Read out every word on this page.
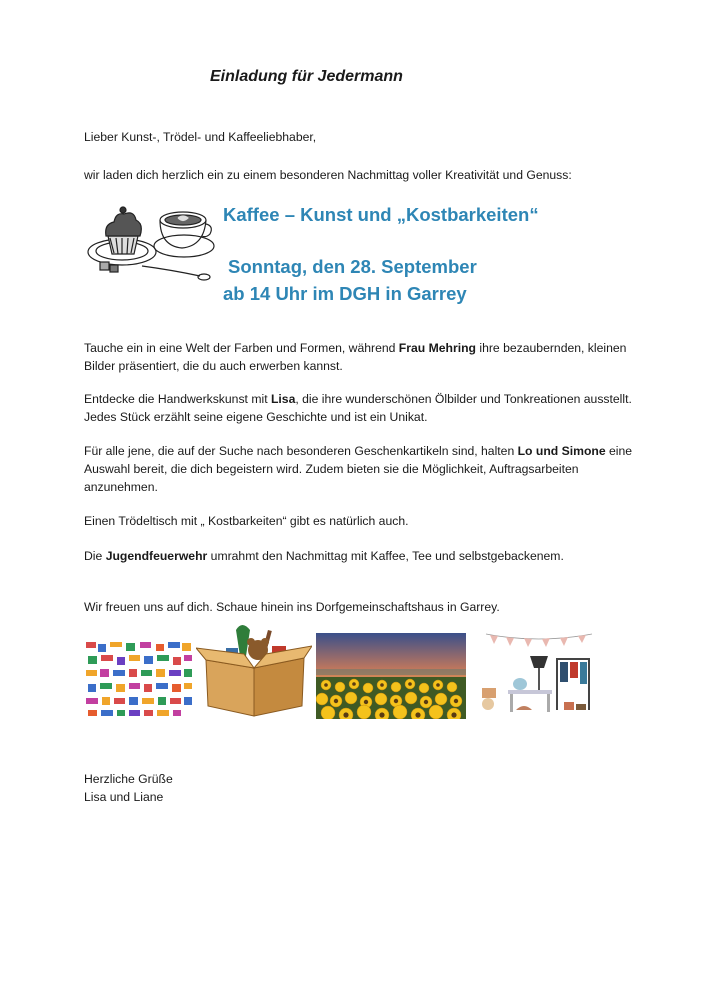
Einladung für Jedermann
Lieber Kunst-, Trödel- und Kaffeeliebhaber,
wir laden dich herzlich ein zu einem besonderen Nachmittag voller Kreativität und Genuss:
Kaffee – Kunst und „Kostbarkeiten“
Sonntag, den 28. September
ab 14 Uhr im DGH in Garrey
Tauche ein in eine Welt der Farben und Formen, während Frau Mehring ihre bezaubernden, kleinen Bilder präsentiert, die du auch erwerben kannst.
Entdecke die Handwerkskunst mit Lisa, die ihre wunderschönen Ölbilder und Tonkreationen ausstellt. Jedes Stück erzählt seine eigene Geschichte und ist ein Unikat.
Für alle jene, die auf der Suche nach besonderen Geschenkartikeln sind, halten Lo und Simone eine Auswahl bereit, die dich begeistern wird. Zudem bieten sie die Möglichkeit, Auftragsarbeiten anzunehmen.
Einen Trödeltisch mit „ Kostbarkeiten“ gibt es natürlich auch.
Die Jugendfeuerwehr umrahmt den Nachmittag mit Kaffee, Tee und selbstgebackenem.
Wir freuen uns auf dich. Schaue hinein ins Dorfgemeinschaftshaus in Garrey.
Herzliche Grüße
Lisa und Liane
